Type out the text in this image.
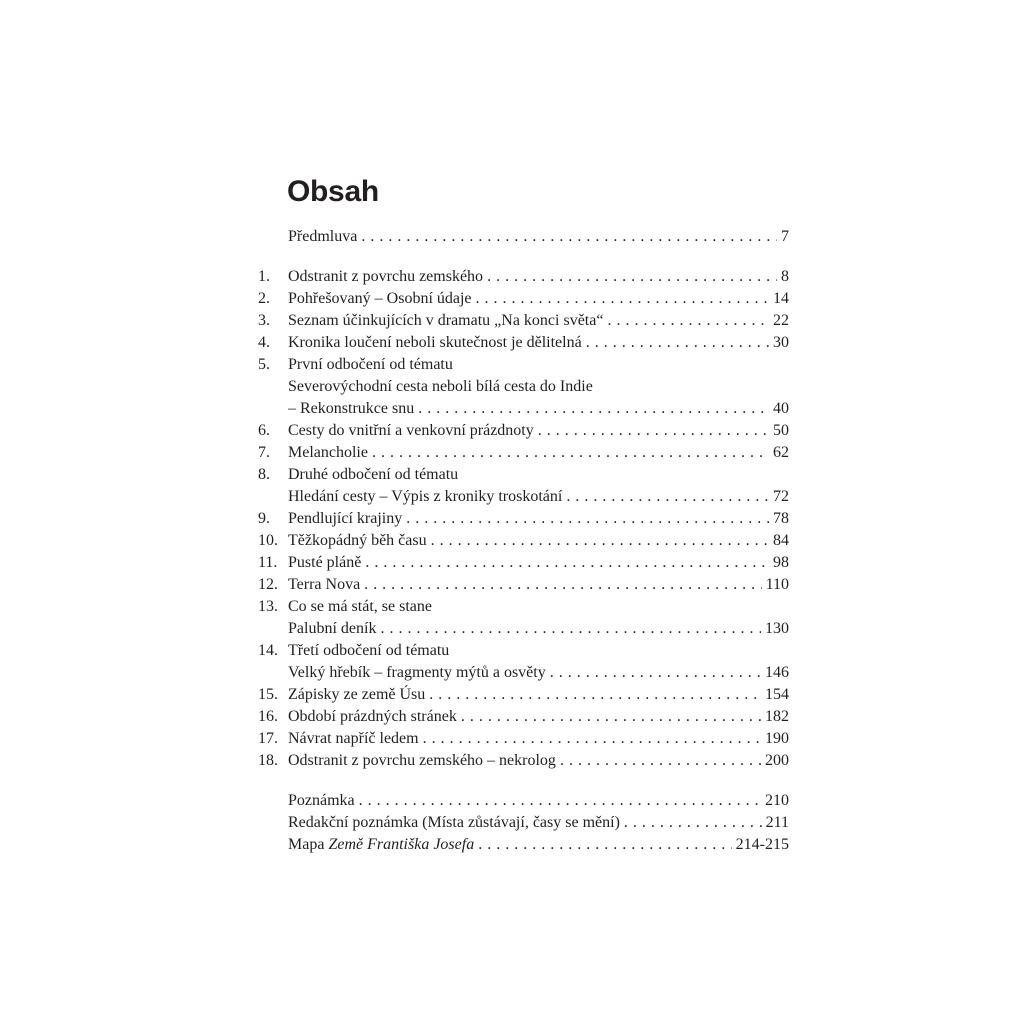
Obsah
Předmluva . . .	7
1.	Odstranit z povrchu zemského . . .	8
2.	Pohřešovaný – Osobní údaje . . .	14
3.	Seznam účinkujících v dramatu „Na konci světa“ . . .	22
4.	Kronika loučení neboli skutečnost je dělitelná . . .	30
5.	První odbočení od tématu
Severovýchodní cesta neboli bílá cesta do Indie
– Rekonstrukce snu . . .	40
6.	Cesty do vnitřní a venkovní prázdnoty . . .	50
7.	Melancholie . . .	62
8.	Druhé odbočení od tématu
Hledání cesty – Výpis z kroniky troskotání . . .	72
9.	Pendlující krajiny . . .	78
10. Těžkopádný běh času . . .	84
11. Pusté pláně . . .	98
12. Terra Nova . . .	110
13. Co se má stát, se stane
Palubní deník . . .	130
14. Třetí odbočení od tématu
Velký hřebík – fragmenty mýtů a osvěty . . .	146
15. Zápisky ze země Úsu . . .	154
16. Období prázdných stránek . . .	182
17. Návrat napříč ledem . . .	190
18. Odstranit z povrchu zemského – nekrolog . . .	200
Poznámka . . .	210
Redakční poznámka (Místa zůstávají, časy se mění) . . .	211
Mapa Země Františka Josefa . . .	214-215
